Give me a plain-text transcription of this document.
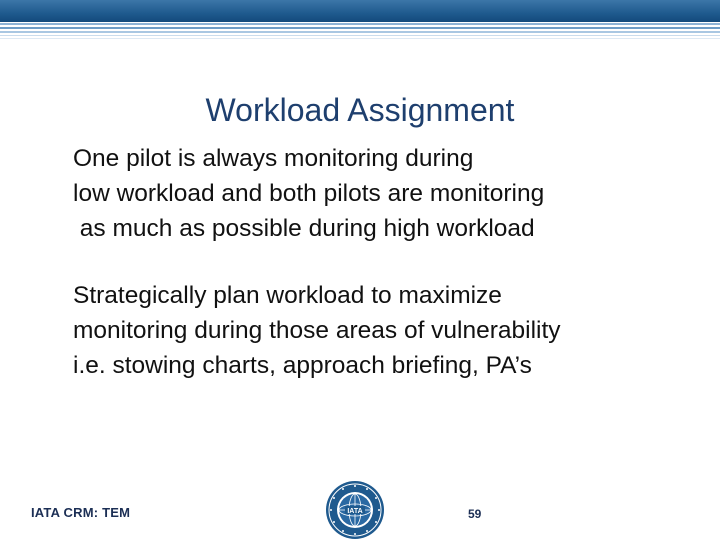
Workload Assignment
One pilot is always monitoring during
low workload and both pilots are monitoring
as much as possible during high workload
Strategically plan workload to maximize
monitoring during those areas of vulnerability
i.e. stowing charts, approach briefing, PA’s
IATA CRM: TEM	IATA	59
